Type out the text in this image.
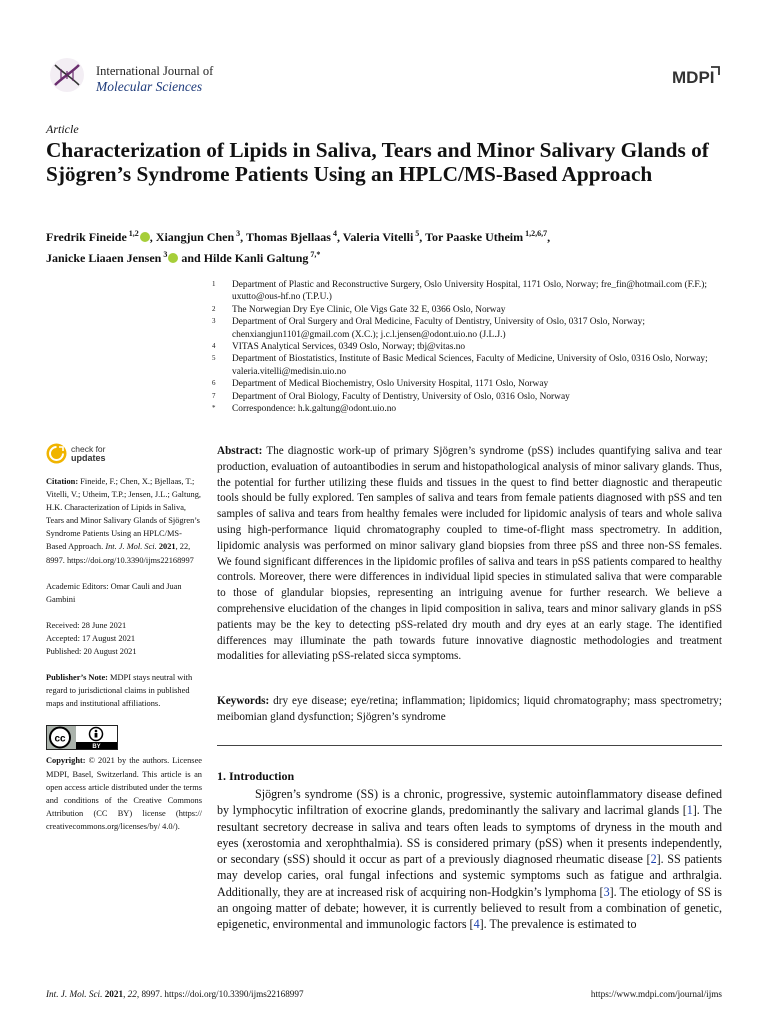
International Journal of
Molecular Sciences	MDPI
Article
Characterization of Lipids in Saliva, Tears and Minor Salivary Glands of Sjögren’s Syndrome Patients Using an HPLC/MS-Based Approach
Fredrik Fineide $^{1,2}$ , Xiangjun Chen $^3$, Thomas Bjellaas $^4$, Valeria Vitelli $^5$, Tor Paaske Utheim $^{1,2,6,7}$,
Janicke Liaaen Jensen $^3$ and Hilde Kanli Galtung $^{7,*}$
1 Department of Plastic and Reconstructive Surgery, Oslo University Hospital, 1171 Oslo, Norway; fre_fin@hotmail.com (F.F.); uxutto@ous-hf.no (T.P.U.)
2 The Norwegian Dry Eye Clinic, Ole Vigs Gate 32 E, 0366 Oslo, Norway
3 Department of Oral Surgery and Oral Medicine, Faculty of Dentistry, University of Oslo, 0317 Oslo, Norway; chenxiangjun1101@gmail.com (X.C.); j.c.l.jensen@odont.uio.no (J.L.J.)
4 VITAS Analytical Services, 0349 Oslo, Norway; tbj@vitas.no
5 Department of Biostatistics, Institute of Basic Medical Sciences, Faculty of Medicine, University of Oslo, 0316 Oslo, Norway; valeria.vitelli@medisin.uio.no
6 Department of Medical Biochemistry, Oslo University Hospital, 1171 Oslo, Norway
7 Department of Oral Biology, Faculty of Dentistry, University of Oslo, 0316 Oslo, Norway
* Correspondence: h.k.galtung@odont.uio.no
check for
updates

Citation: Fineide, F.; Chen, X.; Bjellaas, T.; Vitelli, V.; Utheim, T.P.; Jensen, J.L.; Galtung, H.K. Characterization of Lipids in Saliva, Tears and Minor Salivary Glands of Sjögren’s Syndrome Patients Using an HPLC/MS-Based Approach. Int. J. Mol. Sci. 2021, 22, 8997. https://doi.org/10.3390/ijms22168997

Academic Editors: Omar Cauli and Juan Gambini

Received: 28 June 2021

Accepted: 17 August 2021

Published: 20 August 2021

Publisher’s Note: MDPI stays neutral with regard to jurisdictional claims in published maps and institutional affiliations.

cc
BY

Copyright: © 2021 by the authors. Licensee MDPI, Basel, Switzerland. This article is an open access article distributed under the terms and conditions of the Creative Commons Attribution (CC BY) license (https:// creativecommons.org/licenses/by/ 4.0/).

Abstract: The diagnostic work-up of primary Sjögren’s syndrome (pSS) includes quantifying saliva and tear production, evaluation of autoantibodies in serum and histopathological analysis of minor salivary glands. Thus, the potential for further utilizing these fluids and tissues in the quest to find better diagnostic and therapeutic tools should be fully explored. Ten samples of saliva and tears from female patients diagnosed with pSS and ten samples of saliva and tears from healthy females were included for lipidomic analysis of tears and whole saliva using high-performance liquid chromatography coupled to time-of-flight mass spectrometry. In addition, lipidomic analysis was performed on minor salivary gland biopsies from three pSS and three non-SS females. We found significant differences in the lipidomic profiles of saliva and tears in pSS patients compared to healthy controls. Moreover, there were differences in individual lipid species in stimulated saliva that were comparable to those of glandular biopsies, representing an intriguing avenue for further research. We believe a comprehensive elucidation of the changes in lipid composition in saliva, tears and minor salivary glands in pSS patients may be the key to detecting pSS-related dry mouth and dry eyes at an early stage. The identified differences may illuminate the path towards future innovative diagnostic methodologies and treatment modalities for alleviating pSS-related sicca symptoms.

Keywords: dry eye disease; eye/retina; inflammation; lipidomics; liquid chromatography; mass spectrometry; meibomian gland dysfunction; Sjögren’s syndrome

1. Introduction

Sjögren’s syndrome (SS) is a chronic, progressive, systemic autoinflammatory disease defined by lymphocytic infiltration of exocrine glands, predominantly the salivary and lacrimal glands [1]. The resultant secretory decrease in saliva and tears often leads to symptoms of dryness in the mouth and eyes (xerostomia and xerophthalmia). SS is considered primary (pSS) when it presents independently, or secondary (sSS) should it occur as part of a previously diagnosed rheumatic disease [2]. SS patients may develop caries, oral fungal infections and systemic symptoms such as fatigue and arthralgia. Additionally, they are at increased risk of acquiring non-Hodgkin’s lymphoma [3]. The etiology of SS is an ongoing matter of debate; however, it is currently believed to result from a combination of genetic, epigenetic, environmental and immunologic factors [4]. The prevalence is estimated to

Int. J. Mol. Sci. 2021, 22, 8997. https://doi.org/10.3390/ijms22168997	https://www.mdpi.com/journal/ijms
